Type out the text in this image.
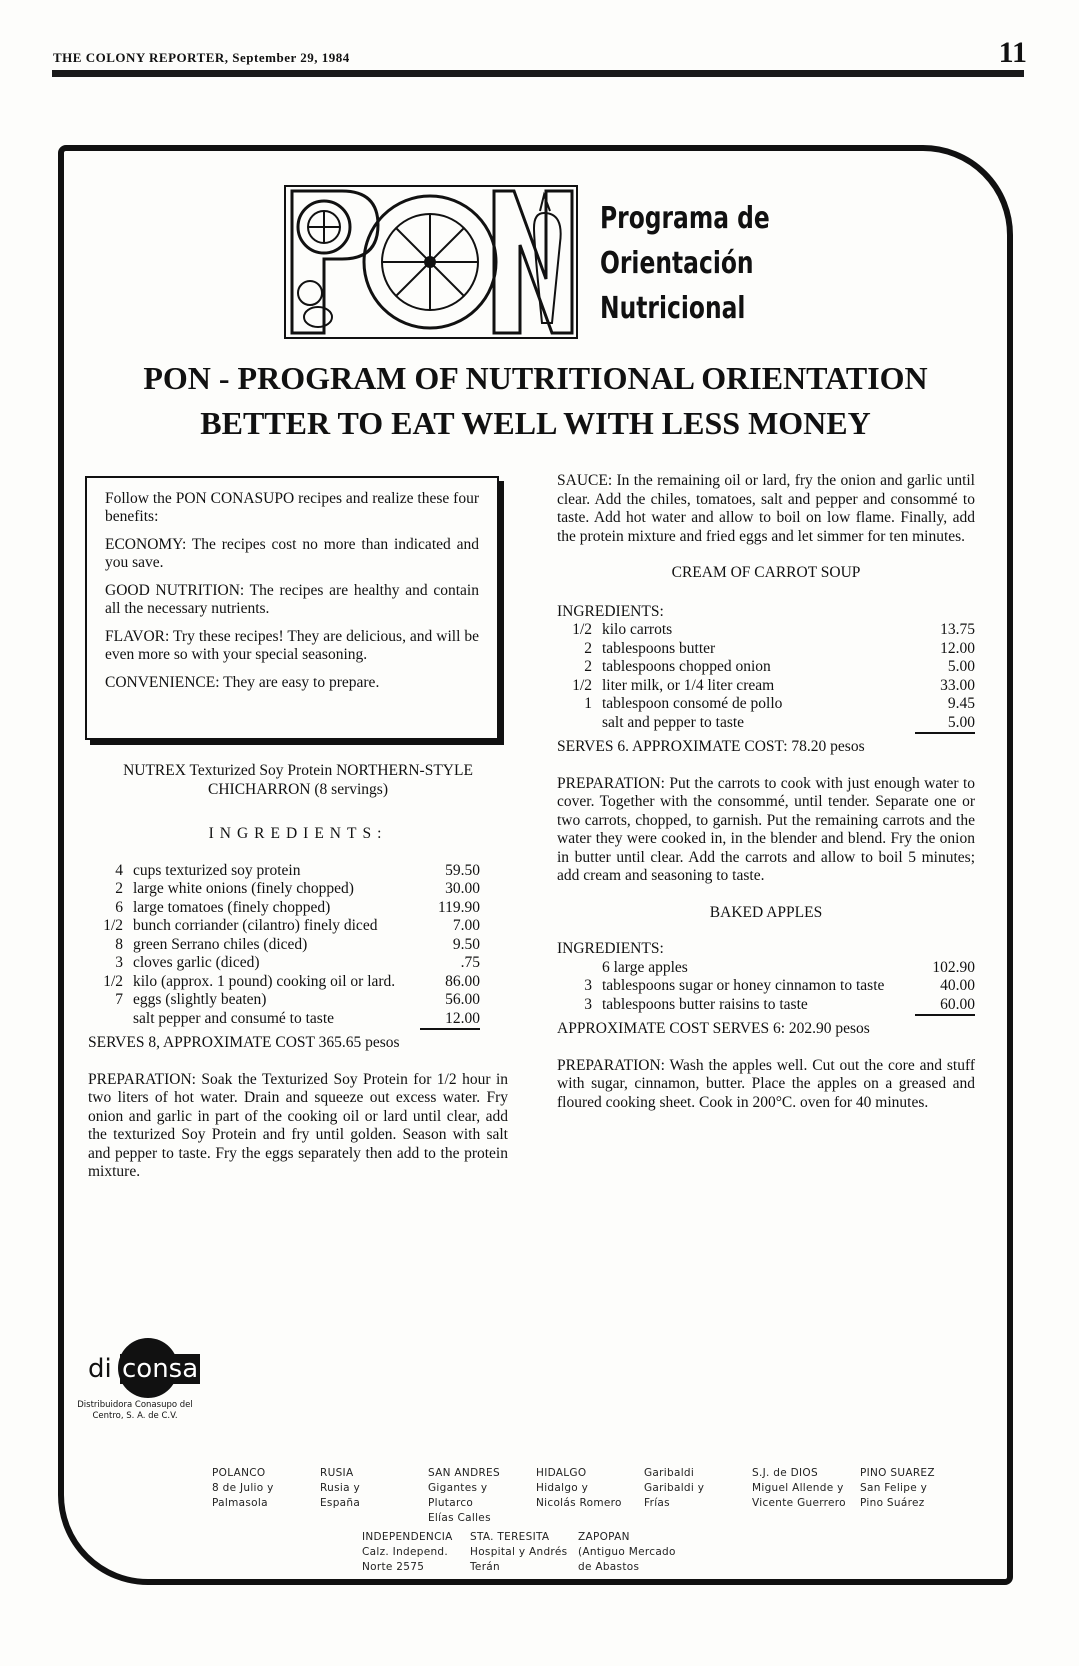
THE COLONY REPORTER, September 29, 1984	11
Programa de
Orientación
Nutricional
PON - PROGRAM OF NUTRITIONAL ORIENTATION
BETTER TO EAT WELL WITH LESS MONEY

Follow the PON CONASUPO recipes and realize these four benefits:

ECONOMY: The recipes cost no more than indicated and you save.

GOOD NUTRITION: The recipes are healthy and contain all the necessary nutrients.

FLAVOR: Try these recipes! They are delicious, and will be even more so with your special seasoning.

CONVENIENCE: They are easy to prepare.

NUTREX Texturized Soy Protein NORTHERN-STYLE CHICHARRON (8 servings)
INGREDIENTS:
4 cups texturized soy protein	59.50
2 large white onions (finely chopped)	30.00
6 large tomatoes (finely chopped)	119.90
1/2 bunch corriander (cilantro) finely diced	7.00
8 green Serrano chiles (diced)	9.50
3 cloves garlic (diced)	.75
1/2 kilo (approx. 1 pound) cooking oil or lard.	86.00
7 eggs (slightly beaten)	56.00
salt pepper and consumé to taste	12.00
SERVES 8, APPROXIMATE COST 365.65 pesos

PREPARATION: Soak the Texturized Soy Protein for 1/2 hour in two liters of hot water. Drain and squeeze out excess water. Fry onion and garlic in part of the cooking oil or lard until clear, add the texturized Soy Protein and fry until golden. Season with salt and pepper to taste. Fry the eggs separately then add to the protein mixture.

SAUCE: In the remaining oil or lard, fry the onion and garlic until clear. Add the chiles, tomatoes, salt and pepper and consommé to taste. Add hot water and allow to boil on low flame. Finally, add the protein mixture and fried eggs and let simmer for ten minutes.

CREAM OF CARROT SOUP
INGREDIENTS:
1/2 kilo carrots	13.75
2 tablespoons butter	12.00
2 tablespoons chopped onion	5.00
1/2 liter milk, or 1/4 liter cream	33.00
1 tablespoon consomé de pollo	9.45
salt and pepper to taste	5.00
SERVES 6. APPROXIMATE COST: 78.20 pesos

PREPARATION: Put the carrots to cook with just enough water to cover. Together with the consommé, until tender. Separate one or two carrots, chopped, to garnish. Put the remaining carrots and the water they were cooked in, in the blender and blend. Fry the onion in butter until clear. Add the carrots and allow to boil 5 minutes; add cream and seasoning to taste.

BAKED APPLES
INGREDIENTS:
6 large apples	102.90
3 tablespoons sugar or honey cinnamon to taste	40.00
3 tablespoons butter raisins to taste	60.00
APPROXIMATE COST SERVES 6: 202.90 pesos

PREPARATION: Wash the apples well. Cut out the core and stuff with sugar, cinnamon, butter. Place the apples on a greased and floured cooking sheet. Cook in 200°C. oven for 40 minutes.

di consa
Distribuidora Conasupo del Centro, S. A. de C.V.
POLANCO
8 de Julio y
Palmasola
RUSIA
Rusia y
España
SAN ANDRES
Gigantes y Plutarco
Elías Calles
HIDALGO
Hidalgo y
Nicolás Romero
Garibaldi
Garibaldi y
Frías
S.J. de DIOS
Miguel Allende y
Vicente Guerrero
PINO SUAREZ
San Felipe y
Pino Suárez
INDEPENDENCIA
Calz. Independ.
Norte 2575
STA. TERESITA
Hospital y Andrés
Terán
ZAPOPAN
(Antiguo Mercado
de Abastos
